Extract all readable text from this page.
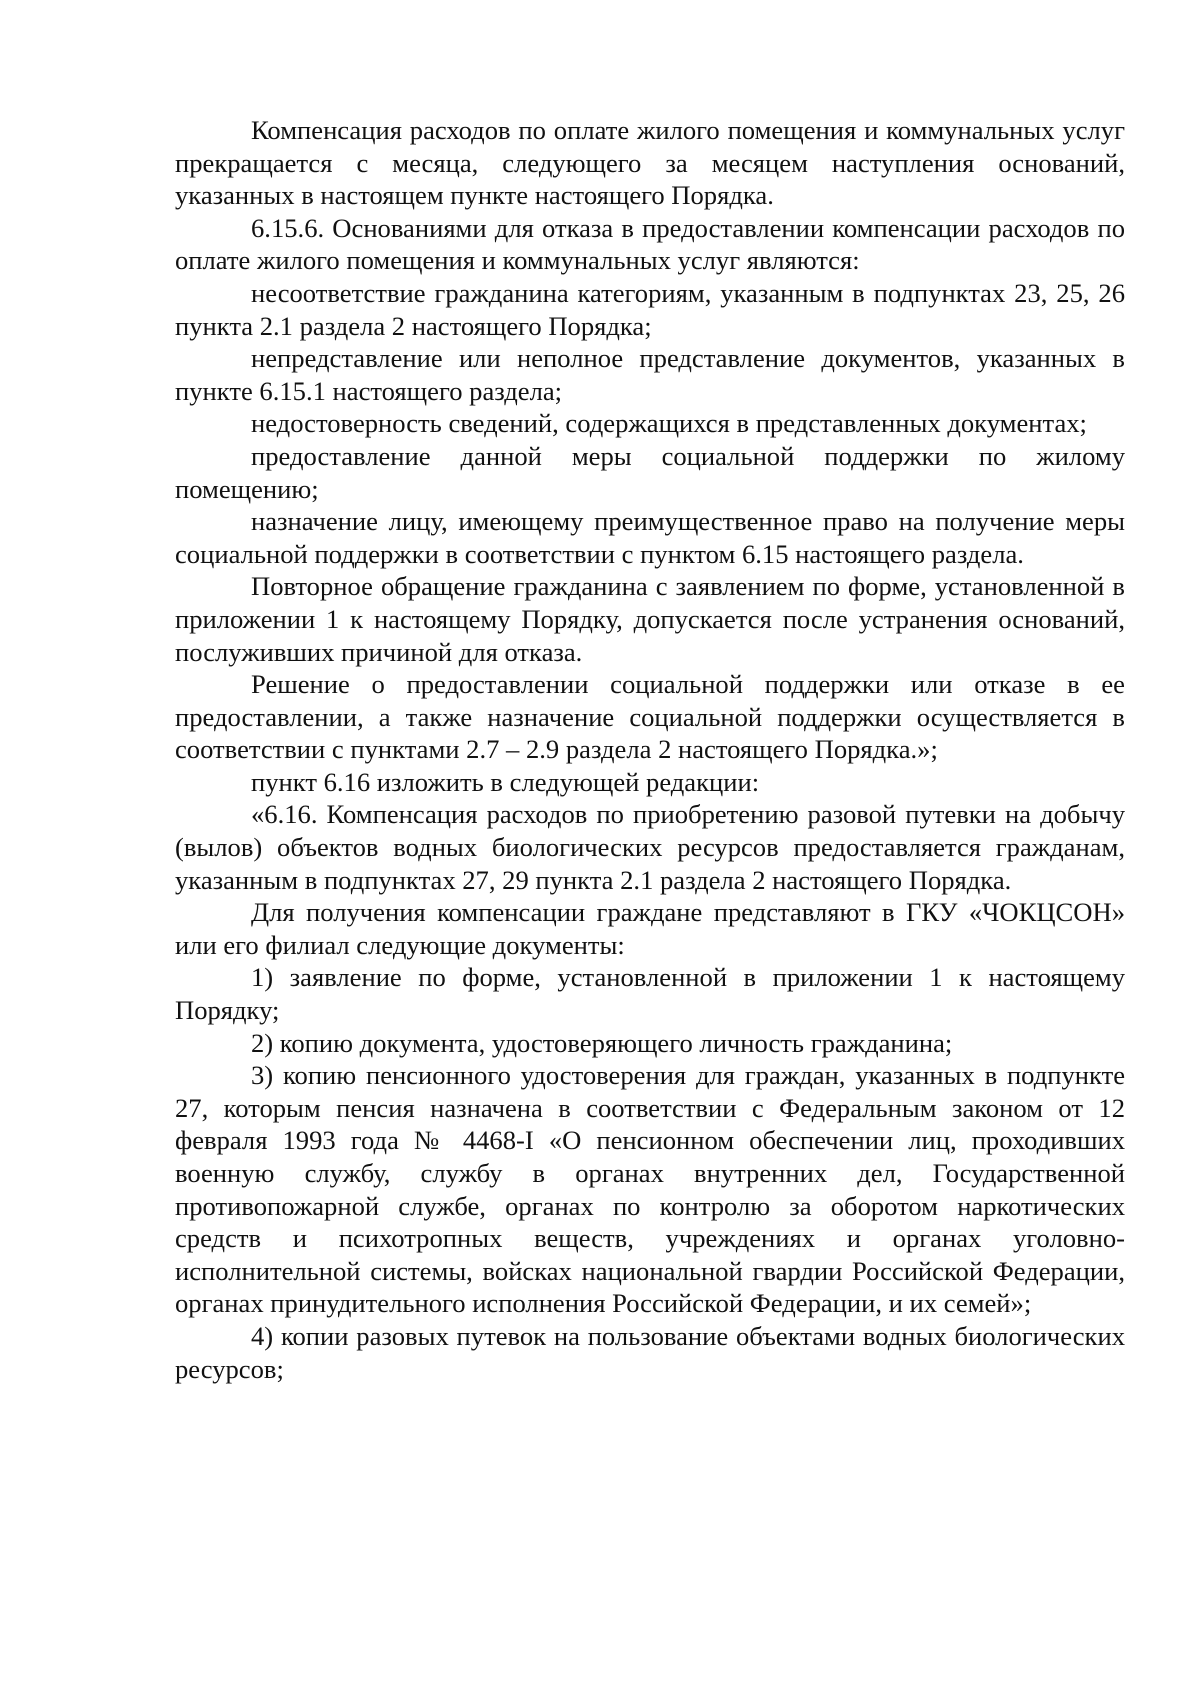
Компенсация расходов по оплате жилого помещения и коммунальных услуг прекращается с месяца, следующего за месяцем наступления оснований, указанных в настоящем пункте настоящего Порядка.

6.15.6. Основаниями для отказа в предоставлении компенсации расходов по оплате жилого помещения и коммунальных услуг являются:

несоответствие гражданина категориям, указанным в подпунктах 23, 25, 26 пункта 2.1 раздела 2 настоящего Порядка;

непредставление или неполное представление документов, указанных в пункте 6.15.1 настоящего раздела;

недостоверность сведений, содержащихся в представленных документах;

предоставление данной меры социальной поддержки по жилому помещению;

назначение лицу, имеющему преимущественное право на получение меры социальной поддержки в соответствии с пунктом 6.15 настоящего раздела.

Повторное обращение гражданина с заявлением по форме, установленной в приложении 1 к настоящему Порядку, допускается после устранения оснований, послуживших причиной для отказа.

Решение о предоставлении социальной поддержки или отказе в ее предоставлении, а также назначение социальной поддержки осуществляется в соответствии с пунктами 2.7 – 2.9 раздела 2 настоящего Порядка.»;

пункт 6.16 изложить в следующей редакции:

«6.16. Компенсация расходов по приобретению разовой путевки на добычу (вылов) объектов водных биологических ресурсов предоставляется гражданам, указанным в подпунктах 27, 29 пункта 2.1 раздела 2 настоящего Порядка.

Для получения компенсации граждане представляют в ГКУ «ЧОКЦСОН» или его филиал следующие документы:

1) заявление по форме, установленной в приложении 1 к настоящему Порядку;

2) копию документа, удостоверяющего личность гражданина;

3) копию пенсионного удостоверения для граждан, указанных в подпункте 27, которым пенсия назначена в соответствии с Федеральным законом от 12 февраля 1993 года № 4468-I «О пенсионном обеспечении лиц, проходивших военную службу, службу в органах внутренних дел, Государственной противопожарной службе, органах по контролю за оборотом наркотических средств и психотропных веществ, учреждениях и органах уголовно-исполнительной системы, войсках национальной гвардии Российской Федерации, органах принудительного исполнения Российской Федерации, и их семей»;

4) копии разовых путевок на пользование объектами водных биологических ресурсов;
